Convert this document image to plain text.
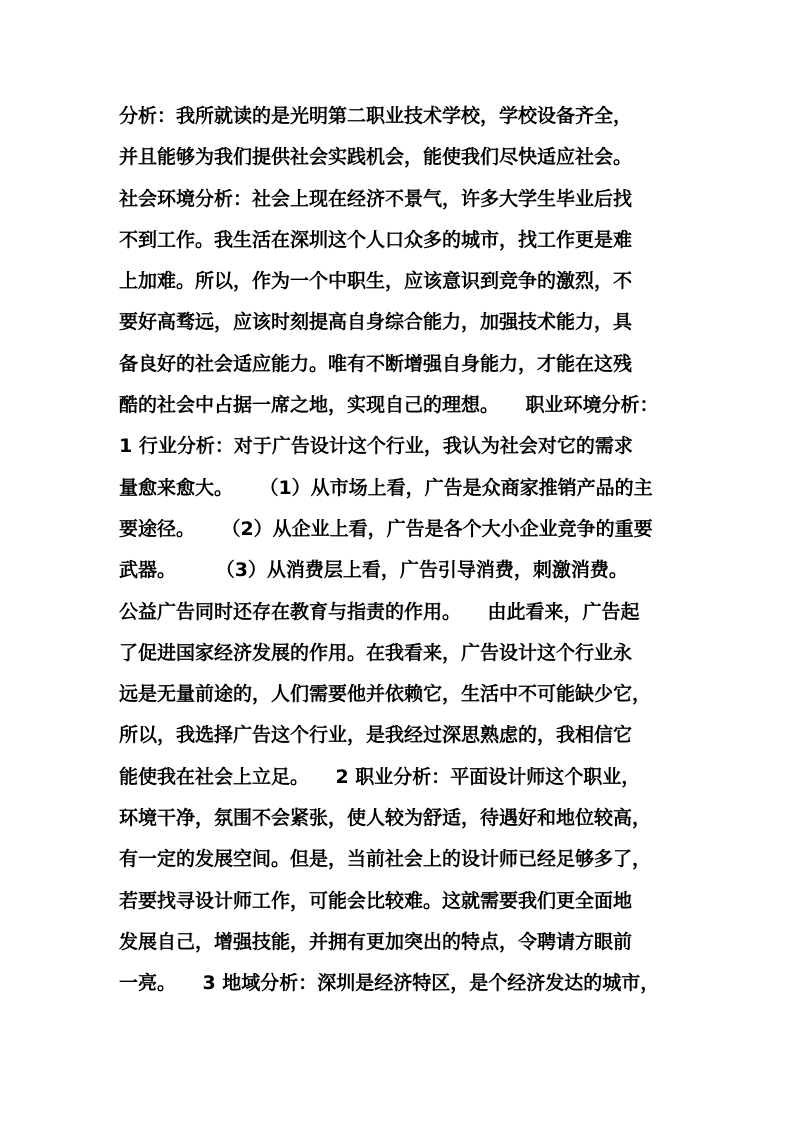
分析：我所就读的是光明第二职业技术学校，学校设备齐全，
并且能够为我们提供社会实践机会，能使我们尽快适应社会。
社会环境分析：社会上现在经济不景气，许多大学生毕业后找
不到工作。我生活在深圳这个人口众多的城市，找工作更是难
上加难。所以，作为一个中职生，应该意识到竞争的激烈，不
要好高骛远，应该时刻提高自身综合能力，加强技术能力，具
备良好的社会适应能力。唯有不断增强自身能力，才能在这残
酷的社会中占据一席之地，实现自己的理想。    职业环境分析：
1 行业分析：对于广告设计这个行业，我认为社会对它的需求
量愈来愈大。    （1）从市场上看，广告是众商家推销产品的主
要途径。    （2）从企业上看，广告是各个大小企业竞争的重要
武器。      （3）从消费层上看，广告引导消费，刺激消费。
公益广告同时还存在教育与指责的作用。    由此看来，广告起
了促进国家经济发展的作用。在我看来，广告设计这个行业永
远是无量前途的，人们需要他并依赖它，生活中不可能缺少它，
所以，我选择广告这个行业，是我经过深思熟虑的，我相信它
能使我在社会上立足。    2 职业分析：平面设计师这个职业，
环境干净，氛围不会紧张，使人较为舒适，待遇好和地位较高，
有一定的发展空间。但是，当前社会上的设计师已经足够多了，
若要找寻设计师工作，可能会比较难。这就需要我们更全面地
发展自己，增强技能，并拥有更加突出的特点，令聘请方眼前
一亮。    3 地域分析：深圳是经济特区，是个经济发达的城市，
